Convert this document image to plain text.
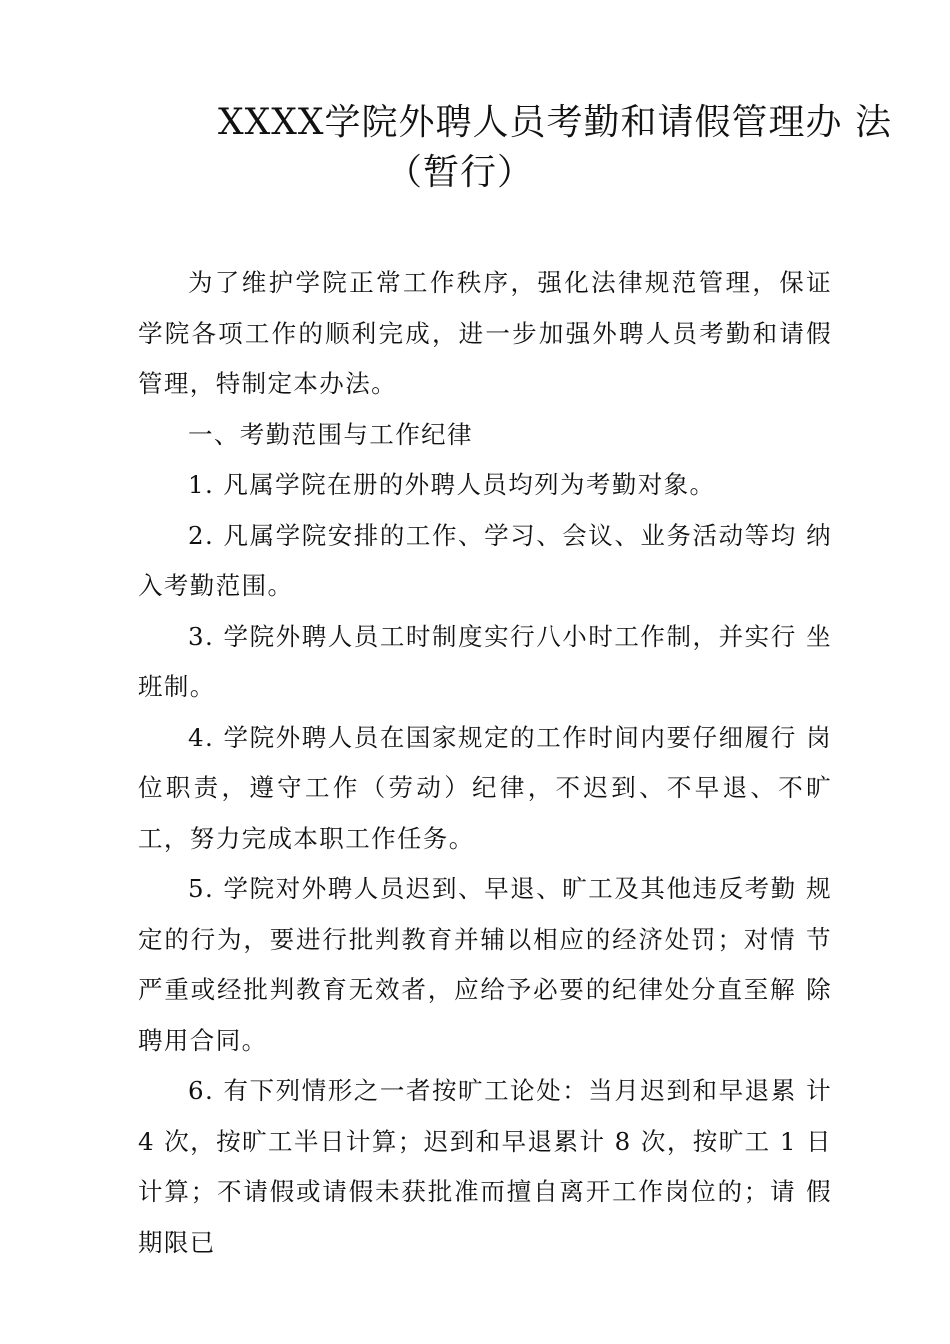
XXXX学院外聘人员考勤和请假管理办 法
（暂行）

为了维护学院正常工作秩序，强化法律规范管理，保证学院各项工作的顺利完成，进一步加强外聘人员考勤和请假管理，特制定本办法。

一、考勤范围与工作纪律

1. 凡属学院在册的外聘人员均列为考勤对象。

2. 凡属学院安排的工作、学习、会议、业务活动等均 纳入考勤范围。

3. 学院外聘人员工时制度实行八小时工作制，并实行 坐班制。

4. 学院外聘人员在国家规定的工作时间内要仔细履行 岗位职责，遵守工作（劳动）纪律，不迟到、不早退、不旷 工，努力完成本职工作任务。

5. 学院对外聘人员迟到、早退、旷工及其他违反考勤 规定的行为，要进行批判教育并辅以相应的经济处罚；对情 节严重或经批判教育无效者，应给予必要的纪律处分直至解 除聘用合同。

6. 有下列情形之一者按旷工论处：当月迟到和早退累 计 4 次，按旷工半日计算；迟到和早退累计 8 次，按旷工 1 日计算；不请假或请假未获批准而擅自离开工作岗位的；请 假期限已
